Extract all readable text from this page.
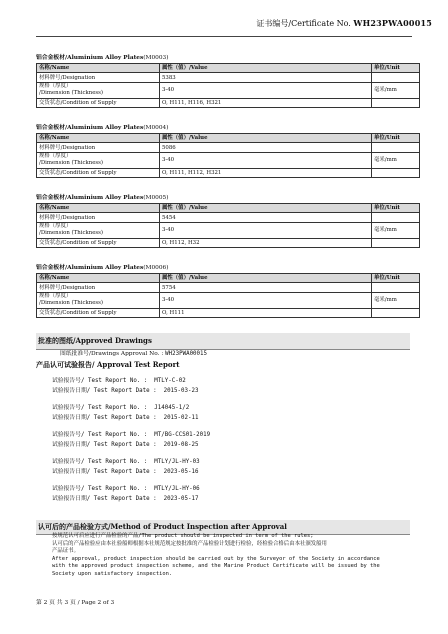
证书编号/Certificate No. WH23PWA00015
铝合金板材/Aluminium Alloy Plates(M0003)
名称/Name	属性（值）/Value	单位/Unit
材料牌号/Designation	5383	
规格（厚度）
/Dimension (Thickness)	3-40	毫米/mm
交货状态/Condition of Supply	O, H111, H116, H321	
铝合金板材/Aluminium Alloy Plates(M0004)
名称/Name	属性（值）/Value	单位/Unit
材料牌号/Designation	5086	
规格（厚度）
/Dimension (Thickness)	3-40	毫米/mm
交货状态/Condition of Supply	O, H111, H112, H321	
铝合金板材/Aluminium Alloy Plates(M0005)
名称/Name	属性（值）/Value	单位/Unit
材料牌号/Designation	5454	
规格（厚度）
/Dimension (Thickness)	3-40	毫米/mm
交货状态/Condition of Supply	O, H112, H32	
铝合金板材/Aluminium Alloy Plates(M0006)
名称/Name	属性（值）/Value	单位/Unit
材料牌号/Designation	5754	
规格（厚度）
/Dimension (Thickness)	3-40	毫米/mm
交货状态/Condition of Supply	O, H111	
批准的图纸/Approved Drawings
图纸批准号/Drawings Approval No. : WH23PWA00015
产品认可试验报告/ Approval Test Report
试验报告号/ Test Report No. : MTLY-C-02
试验报告日期/ Test Report Date : 2015-03-23
试验报告号/ Test Report No. : J14045-1/2
试验报告日期/ Test Report Date : 2015-02-11
试验报告号/ Test Report No. : MT/BG-CCS01-2019
试验报告日期/ Test Report Date : 2019-08-25
试验报告号/ Test Report No. : MTLY/JL-HY-03
试验报告日期/ Test Report Date : 2023-05-16
试验报告号/ Test Report No. : MTLY/JL-HY-06
试验报告日期/ Test Report Date : 2023-05-17
认可后的产品检验方式/Method of Product Inspection after Approval
按规范认可后应进行产品检验的产品/The product should be inspected in term of the rules;
认可后的产品检验应由本社验船师根据本社规范规定按批准的产品检验计划进行检验，经检验合格后由本社颁发船用
产品证书。
After approval, product inspection should be carried out by the Surveyor of the Society in accordance
with the approved product inspection scheme, and the Marine Product Certificate will be issued by the
Society upon satisfactory inspection.
第 2 页 共 3 页 / Page 2 of 3
